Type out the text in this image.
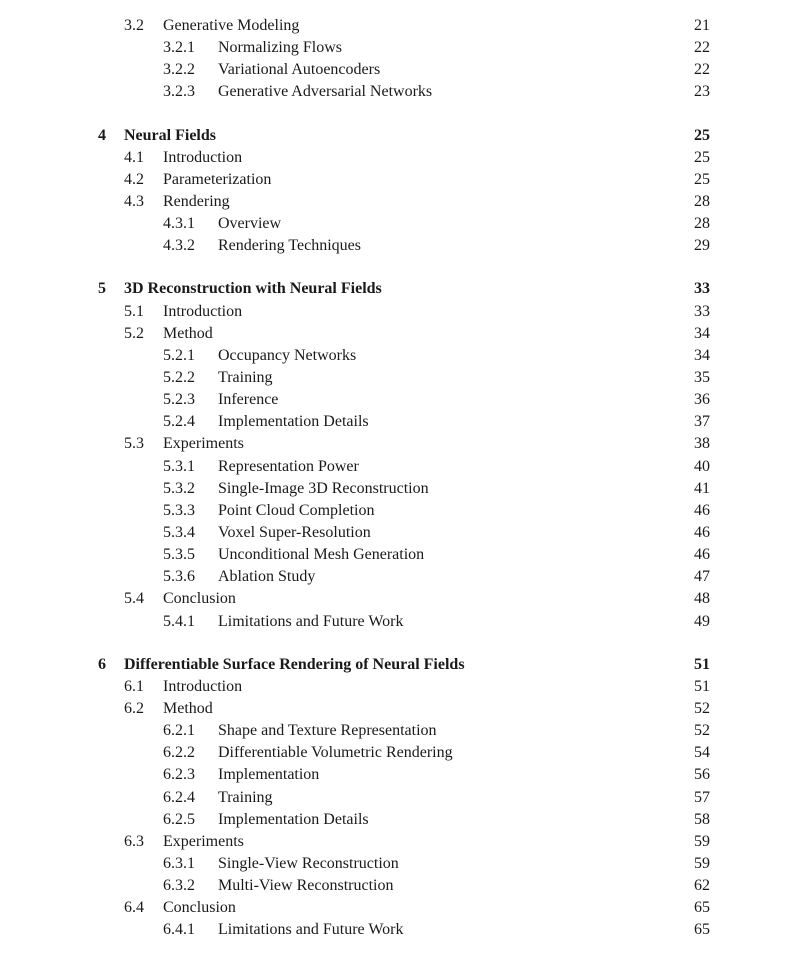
3.2 Generative Modeling	21
3.2.1 Normalizing Flows	22
3.2.2 Variational Autoencoders	22
3.2.3 Generative Adversarial Networks	23
4 Neural Fields	25
4.1 Introduction	25
4.2 Parameterization	25
4.3 Rendering	28
4.3.1 Overview	28
4.3.2 Rendering Techniques	29
5 3D Reconstruction with Neural Fields	33
5.1 Introduction	33
5.2 Method	34
5.2.1 Occupancy Networks	34
5.2.2 Training	35
5.2.3 Inference	36
5.2.4 Implementation Details	37
5.3 Experiments	38
5.3.1 Representation Power	40
5.3.2 Single-Image 3D Reconstruction	41
5.3.3 Point Cloud Completion	46
5.3.4 Voxel Super-Resolution	46
5.3.5 Unconditional Mesh Generation	46
5.3.6 Ablation Study	47
5.4 Conclusion	48
5.4.1 Limitations and Future Work	49
6 Differentiable Surface Rendering of Neural Fields	51
6.1 Introduction	51
6.2 Method	52
6.2.1 Shape and Texture Representation	52
6.2.2 Differentiable Volumetric Rendering	54
6.2.3 Implementation	56
6.2.4 Training	57
6.2.5 Implementation Details	58
6.3 Experiments	59
6.3.1 Single-View Reconstruction	59
6.3.2 Multi-View Reconstruction	62
6.4 Conclusion	65
6.4.1 Limitations and Future Work	65
